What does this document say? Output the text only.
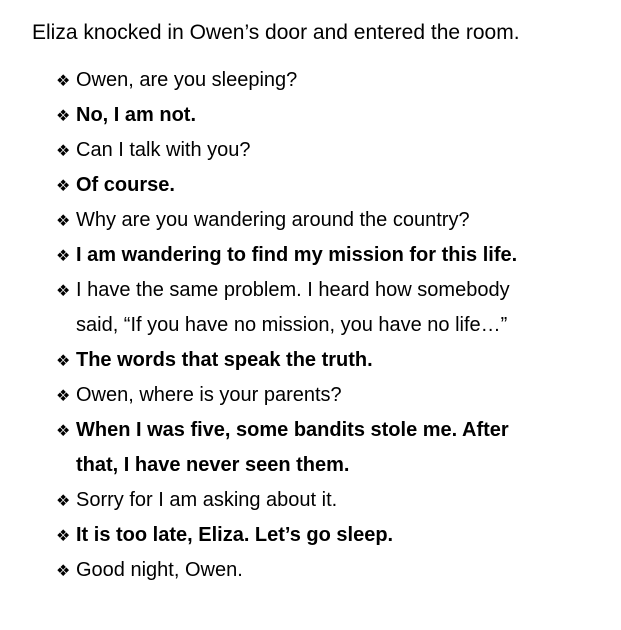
Eliza knocked in Owen’s door and entered the room.
❖ Owen, are you sleeping?
❖ No, I am not.
❖ Can I talk with you?
❖ Of course.
❖ Why are you wandering around the country?
❖ I am wandering to find my mission for this life.
❖ I have the same problem. I heard how somebody
said, “If you have no mission, you have no life…”
❖ The words that speak the truth.
❖ Owen, where is your parents?
❖ When I was five, some bandits stole me. After
that, I have never seen them.
❖ Sorry for I am asking about it.
❖ It is too late, Eliza. Let’s go sleep.
❖ Good night, Owen.
